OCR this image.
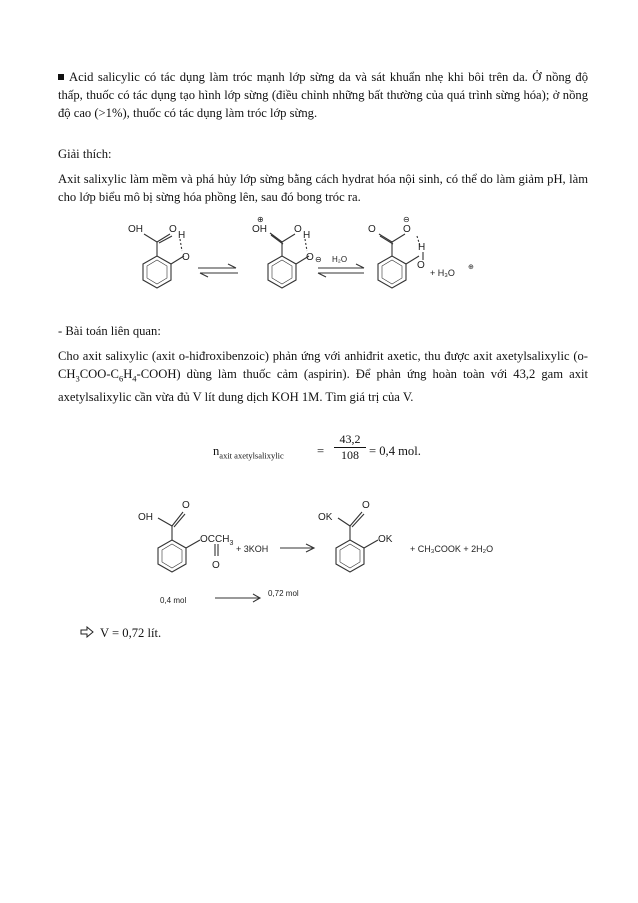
Acid salicylic có tác dụng làm tróc mạnh lớp sừng da và sát khuẩn nhẹ khi bôi trên da. Ở nồng độ thấp, thuốc có tác dụng tạo hình lớp sừng (điều chỉnh những bất thường của quá trình sừng hóa); ở nồng độ cao (>1%), thuốc có tác dụng làm tróc lớp sừng.
Giải thích:
Axit salixylic làm mềm và phá hủy lớp sừng bằng cách hydrat hóa nội sinh, có thể do làm giảm pH, làm cho lớp biểu mô bị sừng hóa phồng lên, sau đó bong tróc ra.
OH	O
H
O
OH
⊕
O
H
O ⊖ H₂O
O	O
⊖
H
O
+ H₃O
⊕
- Bài toán liên quan:
Cho axit salixylic (axit o-hiđroxibenzoic) phản ứng với anhiđrit axetic, thu được axit axetylsalixylic $(o-CH_3COO-C_6H_4-COOH)$ dùng làm thuốc cảm (aspirin). Để phản ứng hoàn toàn với 43,2 gam axit axetylsalixylic cần vừa đủ V lít dung dịch KOH 1M. Tìm giá trị của V.
$n_{axit axetylsalixylic}$	= $\frac{43,2}{108} = 0,4$ mol.
OH
O
$OCCH_3$
O
+ 3KOH
OK
O
OK
+ CH₃COOK + 2H₂O
0,4 mol
0,72 mol
V = 0,72 lít.
